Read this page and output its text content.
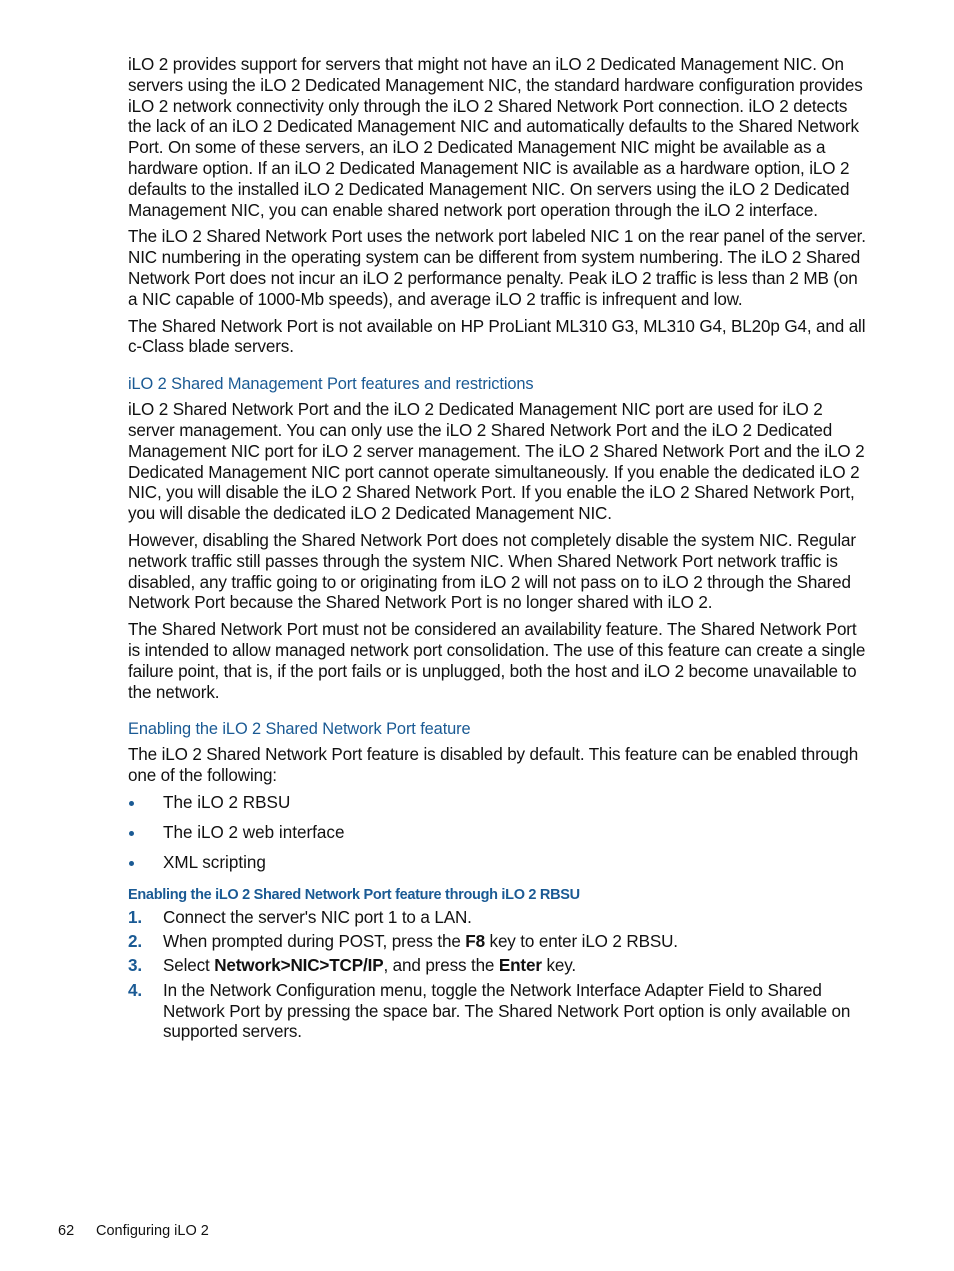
iLO 2 provides support for servers that might not have an iLO 2 Dedicated Management NIC. On servers using the iLO 2 Dedicated Management NIC, the standard hardware configuration provides iLO 2 network connectivity only through the iLO 2 Shared Network Port connection. iLO 2 detects the lack of an iLO 2 Dedicated Management NIC and automatically defaults to the Shared Network Port. On some of these servers, an iLO 2 Dedicated Management NIC might be available as a hardware option. If an iLO 2 Dedicated Management NIC is available as a hardware option, iLO 2 defaults to the installed iLO 2 Dedicated Management NIC. On servers using the iLO 2 Dedicated Management NIC, you can enable shared network port operation through the iLO 2 interface.

The iLO 2 Shared Network Port uses the network port labeled NIC 1 on the rear panel of the server. NIC numbering in the operating system can be different from system numbering. The iLO 2 Shared Network Port does not incur an iLO 2 performance penalty. Peak iLO 2 traffic is less than 2 MB (on a NIC capable of 1000-Mb speeds), and average iLO 2 traffic is infrequent and low.

The Shared Network Port is not available on HP ProLiant ML310 G3, ML310 G4, BL20p G4, and all c-Class blade servers.

iLO 2 Shared Management Port features and restrictions

iLO 2 Shared Network Port and the iLO 2 Dedicated Management NIC port are used for iLO 2 server management. You can only use the iLO 2 Shared Network Port and the iLO 2 Dedicated Management NIC port for iLO 2 server management. The iLO 2 Shared Network Port and the iLO 2 Dedicated Management NIC port cannot operate simultaneously. If you enable the dedicated iLO 2 NIC, you will disable the iLO 2 Shared Network Port. If you enable the iLO 2 Shared Network Port, you will disable the dedicated iLO 2 Dedicated Management NIC.

However, disabling the Shared Network Port does not completely disable the system NIC. Regular network traffic still passes through the system NIC. When Shared Network Port network traffic is disabled, any traffic going to or originating from iLO 2 will not pass on to iLO 2 through the Shared Network Port because the Shared Network Port is no longer shared with iLO 2.

The Shared Network Port must not be considered an availability feature. The Shared Network Port is intended to allow managed network port consolidation. The use of this feature can create a single failure point, that is, if the port fails or is unplugged, both the host and iLO 2 become unavailable to the network.

Enabling the iLO 2 Shared Network Port feature

The iLO 2 Shared Network Port feature is disabled by default. This feature can be enabled through one of the following:

The iLO 2 RBSU
The iLO 2 web interface
XML scripting
Enabling the iLO 2 Shared Network Port feature through iLO 2 RBSU
1. Connect the server's NIC port 1 to a LAN.
2. When prompted during POST, press the F8 key to enter iLO 2 RBSU.
3. Select Network>NIC>TCP/IP, and press the Enter key.
4. In the Network Configuration menu, toggle the Network Interface Adapter Field to Shared Network Port by pressing the space bar. The Shared Network Port option is only available on supported servers.
62 Configuring iLO 2
